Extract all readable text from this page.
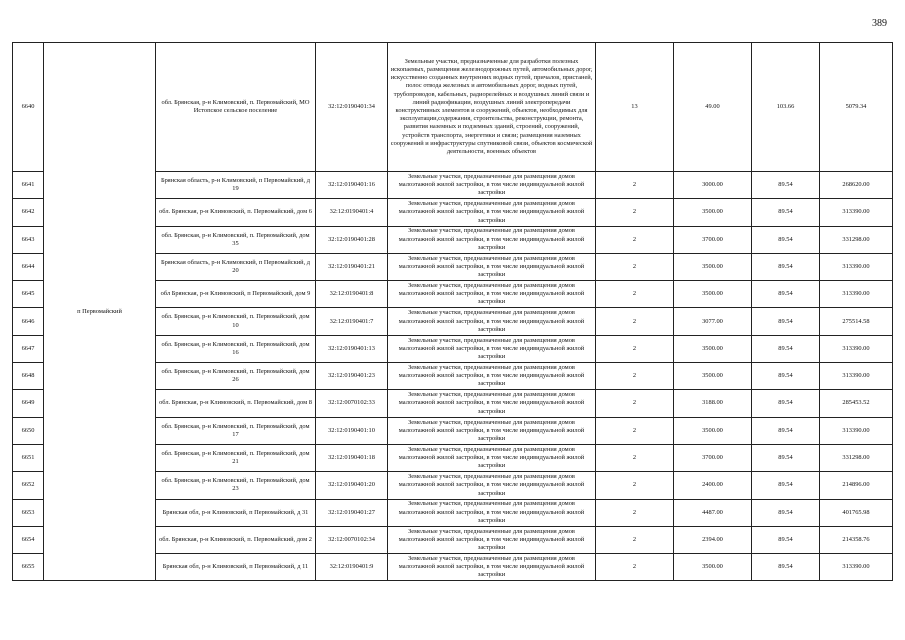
389
6640	п Первомайский	обл. Брянская, р-н Климовский, п. Первомайский, МО Истопское сельское поселение	32:12:0190401:34	Земельные участки, предназначенные для разработки полезных ископаемых, размещения железнодорожных путей, автомобильных дорог, искусственно созданных внутренних водных путей, причалов, пристаней, полос отвода железных и автомобильных дорог, водных путей, трубопроводов, кабельных, радиорелейных и воздушных линий связи и линий радиофикации, воздушных линий электропередачи конструктивных элементов и сооружений, объектов, необходимых для эксплуатации,содержания, строительства, реконструкции, ремонта, развития наземных и подземных зданий, строений, сооружений, устройств транспорта, энергетики и связи; размещения наземных сооружений и инфраструктуры спутниковой связи, объектов космической деятельности, военных объектов	13	49.00	103.66	5079.34
6641		Брянская область, р-н Климовский, п Первомайский, д 19	32:12:0190401:16	Земельные участки, предназначенные для размещения домов малоэтажной жилой застройки, в том числе индивидуальной жилой застройки	2	3000.00	89.54	268620.00
6642		обл. Брянская, р-н Климовский, п. Первомайский, дом 6	32:12:0190401:4	Земельные участки, предназначенные для размещения домов малоэтажной жилой застройки, в том числе индивидуальной жилой застройки	2	3500.00	89.54	313390.00
6643		обл. Брянская, р-н Климовский, п. Первомайский, дом 35	32:12:0190401:28	Земельные участки, предназначенные для размещения домов малоэтажной жилой застройки, в том числе индивидуальной жилой застройки	2	3700.00	89.54	331298.00
6644		Брянская область, р-н Климовский, п Первомайский, д 20	32:12:0190401:21	Земельные участки, предназначенные для размещения домов малоэтажной жилой застройки, в том числе индивидуальной жилой застройки	2	3500.00	89.54	313390.00
6645		обл Брянская, р-н Климовский, п Первомайский, дом 9	32:12:0190401:8	Земельные участки, предназначенные для размещения домов малоэтажной жилой застройки, в том числе индивидуальной жилой застройки	2	3500.00	89.54	313390.00
6646		обл. Брянская, р-н Климовский, п. Первомайский, дом 10	32:12:0190401:7	Земельные участки, предназначенные для размещения домов малоэтажной жилой застройки, в том числе индивидуальной жилой застройки	2	3077.00	89.54	275514.58
6647		обл. Брянская, р-н Климовский, п. Первомайский, дом 16	32:12:0190401:13	Земельные участки, предназначенные для размещения домов малоэтажной жилой застройки, в том числе индивидуальной жилой застройки	2	3500.00	89.54	313390.00
6648		обл. Брянская, р-н Климовский, п. Первомайский, дом 26	32:12:0190401:23	Земельные участки, предназначенные для размещения домов малоэтажной жилой застройки, в том числе индивидуальной жилой застройки	2	3500.00	89.54	313390.00
6649		обл. Брянская, р-н Климовский, п. Первомайский, дом 8	32:12:0070102:33	Земельные участки, предназначенные для размещения домов малоэтажной жилой застройки, в том числе индивидуальной жилой застройки	2	3188.00	89.54	285453.52
6650		обл. Брянская, р-н Климовский, п. Первомайский, дом 17	32:12:0190401:10	Земельные участки, предназначенные для размещения домов малоэтажной жилой застройки, в том числе индивидуальной жилой застройки	2	3500.00	89.54	313390.00
6651		обл. Брянская, р-н Климовский, п. Первомайский, дом 21	32:12:0190401:18	Земельные участки, предназначенные для размещения домов малоэтажной жилой застройки, в том числе индивидуальной жилой застройки	2	3700.00	89.54	331298.00
6652		обл. Брянская, р-н Климовский, п. Первомайский, дом 23	32:12:0190401:20	Земельные участки, предназначенные для размещения домов малоэтажной жилой застройки, в том числе индивидуальной жилой застройки	2	2400.00	89.54	214896.00
6653		Брянская обл, р-н Климовский, п Первомайский, д 31	32:12:0190401:27	Земельные участки, предназначенные для размещения домов малоэтажной жилой застройки, в том числе индивидуальной жилой застройки	2	4487.00	89.54	401765.98
6654		обл. Брянская, р-н Климовский, п. Первомайский, дом 2	32:12:0070102:34	Земельные участки, предназначенные для размещения домов малоэтажной жилой застройки, в том числе индивидуальной жилой застройки	2	2394.00	89.54	214358.76
6655		Брянская обл, р-н Климовский, п Первомайский, д 11	32:12:0190401:9	Земельные участки, предназначенные для размещения домов малоэтажной жилой застройки, в том числе индивидуальной жилой застройки	2	3500.00	89.54	313390.00
